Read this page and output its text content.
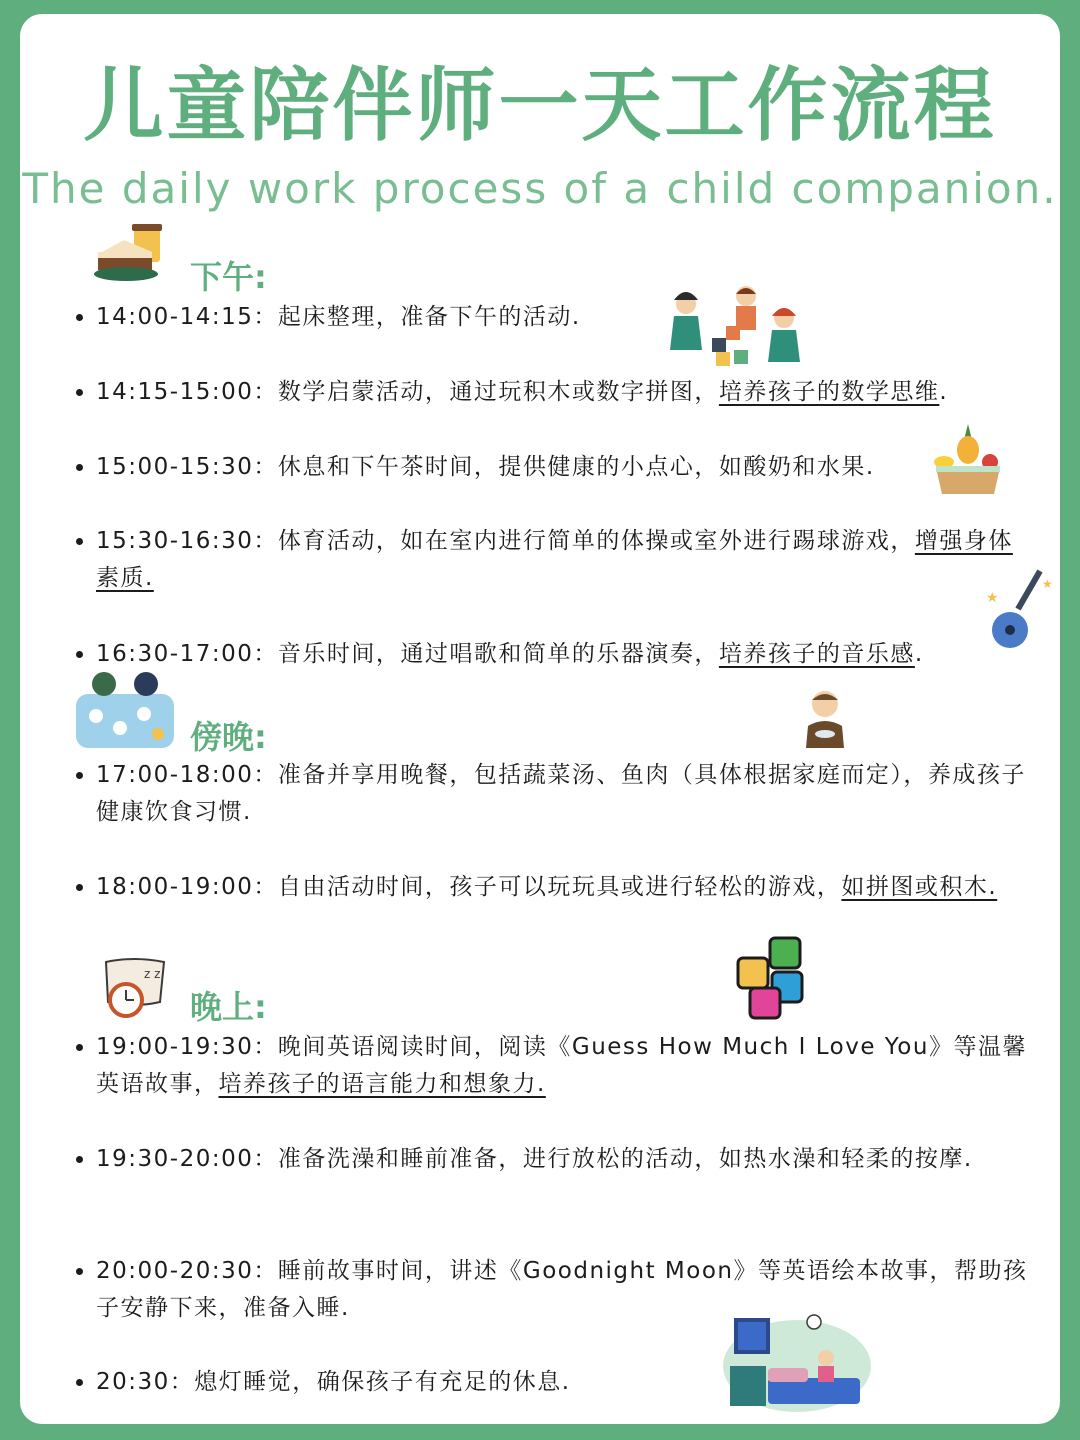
儿童陪伴师一天工作流程
The daily work process of a child companion.
下午:
14:00-14:15：起床整理，准备下午的活动.
14:15-15:00：数学启蒙活动，通过玩积木或数字拼图，培养孩子的数学思维.
15:00-15:30：休息和下午茶时间，提供健康的小点心，如酸奶和水果.
15:30-16:30：体育活动，如在室内进行简单的体操或室外进行踢球游戏，增强身体素质.
16:30-17:00：音乐时间，通过唱歌和简单的乐器演奏，培养孩子的音乐感.
★
★
傍晚:
17:00-18:00：准备并享用晚餐，包括蔬菜汤、鱼肉（具体根据家庭而定），养成孩子健康饮食习惯.
18:00-19:00：自由活动时间，孩子可以玩玩具或进行轻松的游戏，如拼图或积木.
z z
晚上:
19:00-19:30：晚间英语阅读时间，阅读《Guess How Much I Love You》等温馨英语故事，培养孩子的语言能力和想象力.
19:30-20:00：准备洗澡和睡前准备，进行放松的活动，如热水澡和轻柔的按摩.
20:00-20:30：睡前故事时间，讲述《Goodnight Moon》等英语绘本故事，帮助孩子安静下来，准备入睡.
20:30：熄灯睡觉，确保孩子有充足的休息.
